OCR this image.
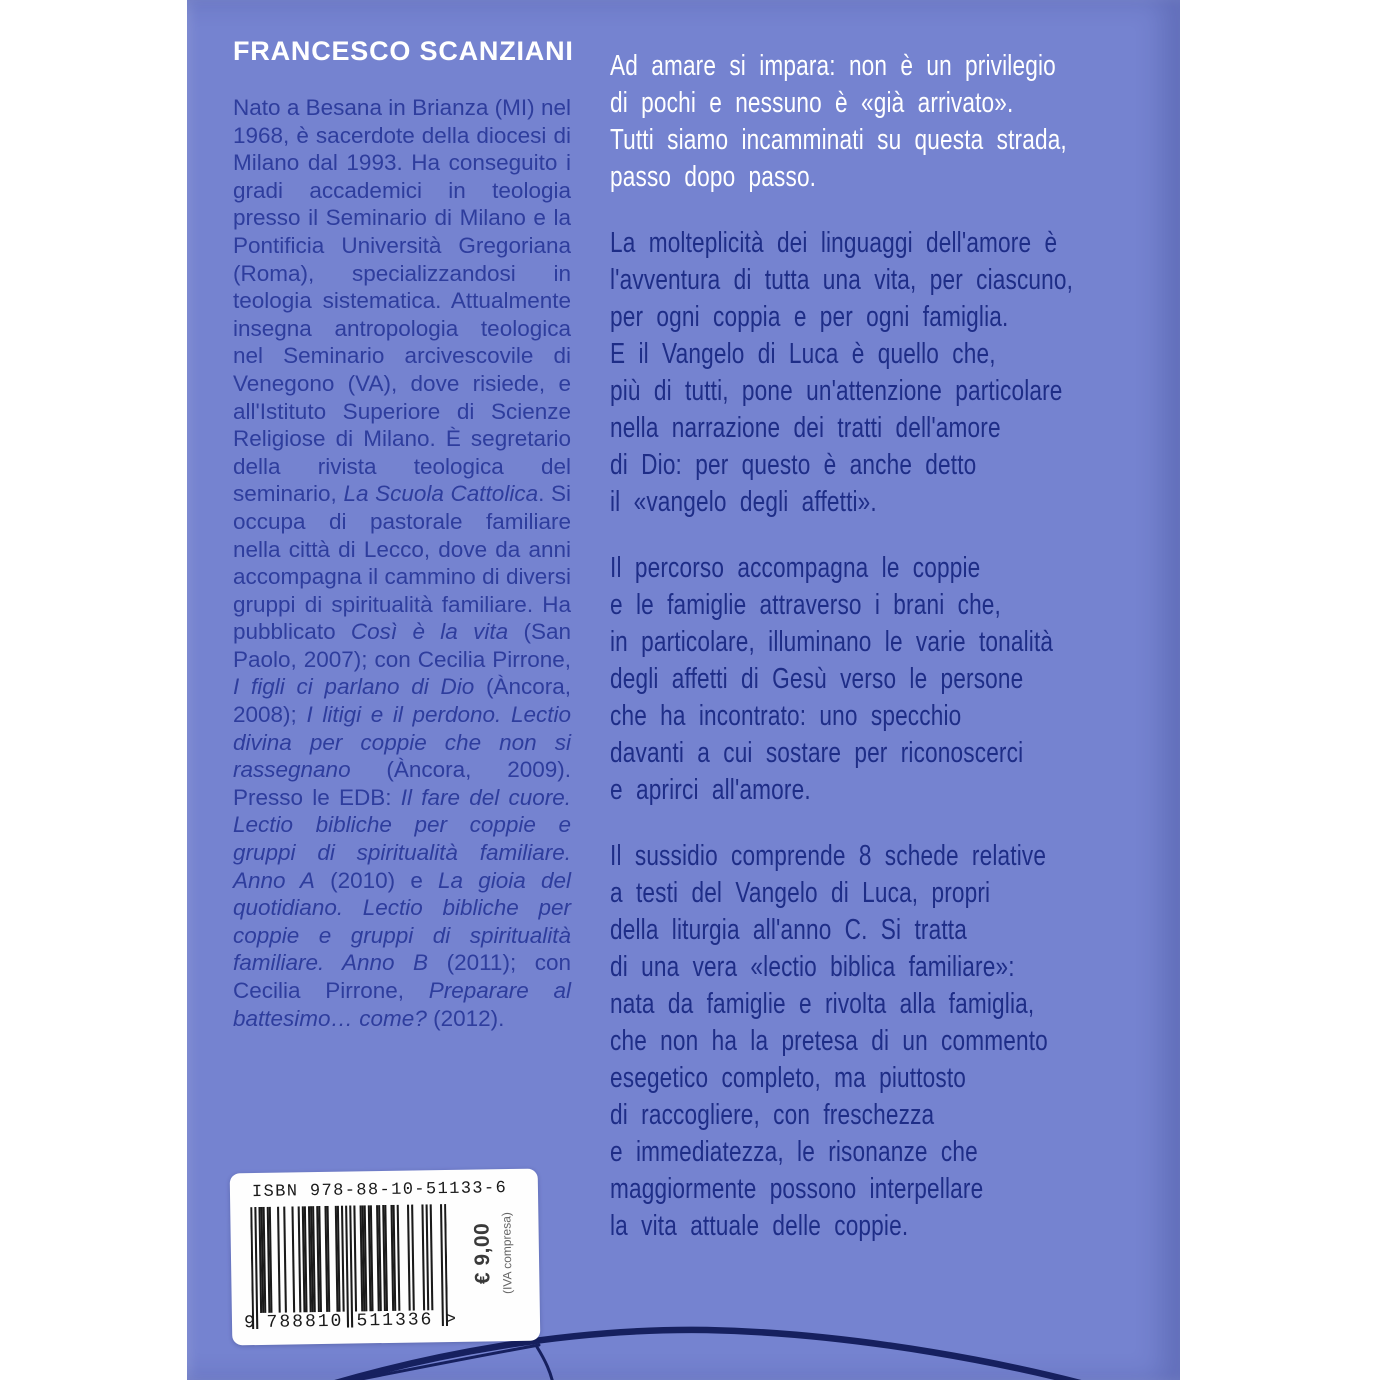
FRANCESCO SCANZIANI
Nato a Besana in Brianza (MI) nel 1968, è sacerdote della diocesi di Milano dal 1993. Ha conseguito i gradi accademici in teologia presso il Seminario di Milano e la Pontificia Università Gregoriana (Roma), specializzandosi in teologia sistematica. Attualmente insegna antropologia teologica nel Seminario arcivescovile di Venegono (VA), dove risiede, e all'Istituto Superiore di Scienze Religiose di Milano. È segretario della rivista teologica del seminario, La Scuola Cattolica. Si occupa di pastorale familiare nella città di Lecco, dove da anni accompagna il cammino di diversi gruppi di spiritualità familiare. Ha pubblicato Così è la vita (San Paolo, 2007); con Cecilia Pirrone, I figli ci parlano di Dio (Àncora, 2008); I litigi e il perdono. Lectio divina per coppie che non si rassegnano (Àncora, 2009). Presso le EDB: Il fare del cuore. Lectio bibliche per coppie e gruppi di spiritualità familiare. Anno A (2010) e La gioia del quotidiano. Lectio bibliche per coppie e gruppi di spiritualità familiare. Anno B (2011); con Cecilia Pirrone, Preparare al battesimo… come? (2012).
Ad amare si impara: non è un privilegio
di pochi e nessuno è «già arrivato».
Tutti siamo incamminati su questa strada,
passo dopo passo.
La molteplicità dei linguaggi dell'amore è
l'avventura di tutta una vita, per ciascuno,
per ogni coppia e per ogni famiglia.
E il Vangelo di Luca è quello che,
più di tutti, pone un'attenzione particolare
nella narrazione dei tratti dell'amore
di Dio: per questo è anche detto
il «vangelo degli affetti».
Il percorso accompagna le coppie
e le famiglie attraverso i brani che,
in particolare, illuminano le varie tonalità
degli affetti di Gesù verso le persone
che ha incontrato: uno specchio
davanti a cui sostare per riconoscerci
e aprirci all'amore.
Il sussidio comprende 8 schede relative
a testi del Vangelo di Luca, propri
della liturgia all'anno C. Si tratta
di una vera «lectio biblica familiare»:
nata da famiglie e rivolta alla famiglia,
che non ha la pretesa di un commento
esegetico completo, ma piuttosto
di raccogliere, con freschezza
e immediatezza, le risonanze che
maggiormente possono interpellare
la vita attuale delle coppie.
ISBN 978-88-10-51133-6
9 788810 511336 >
€ 9,00 (IVA compresa)
